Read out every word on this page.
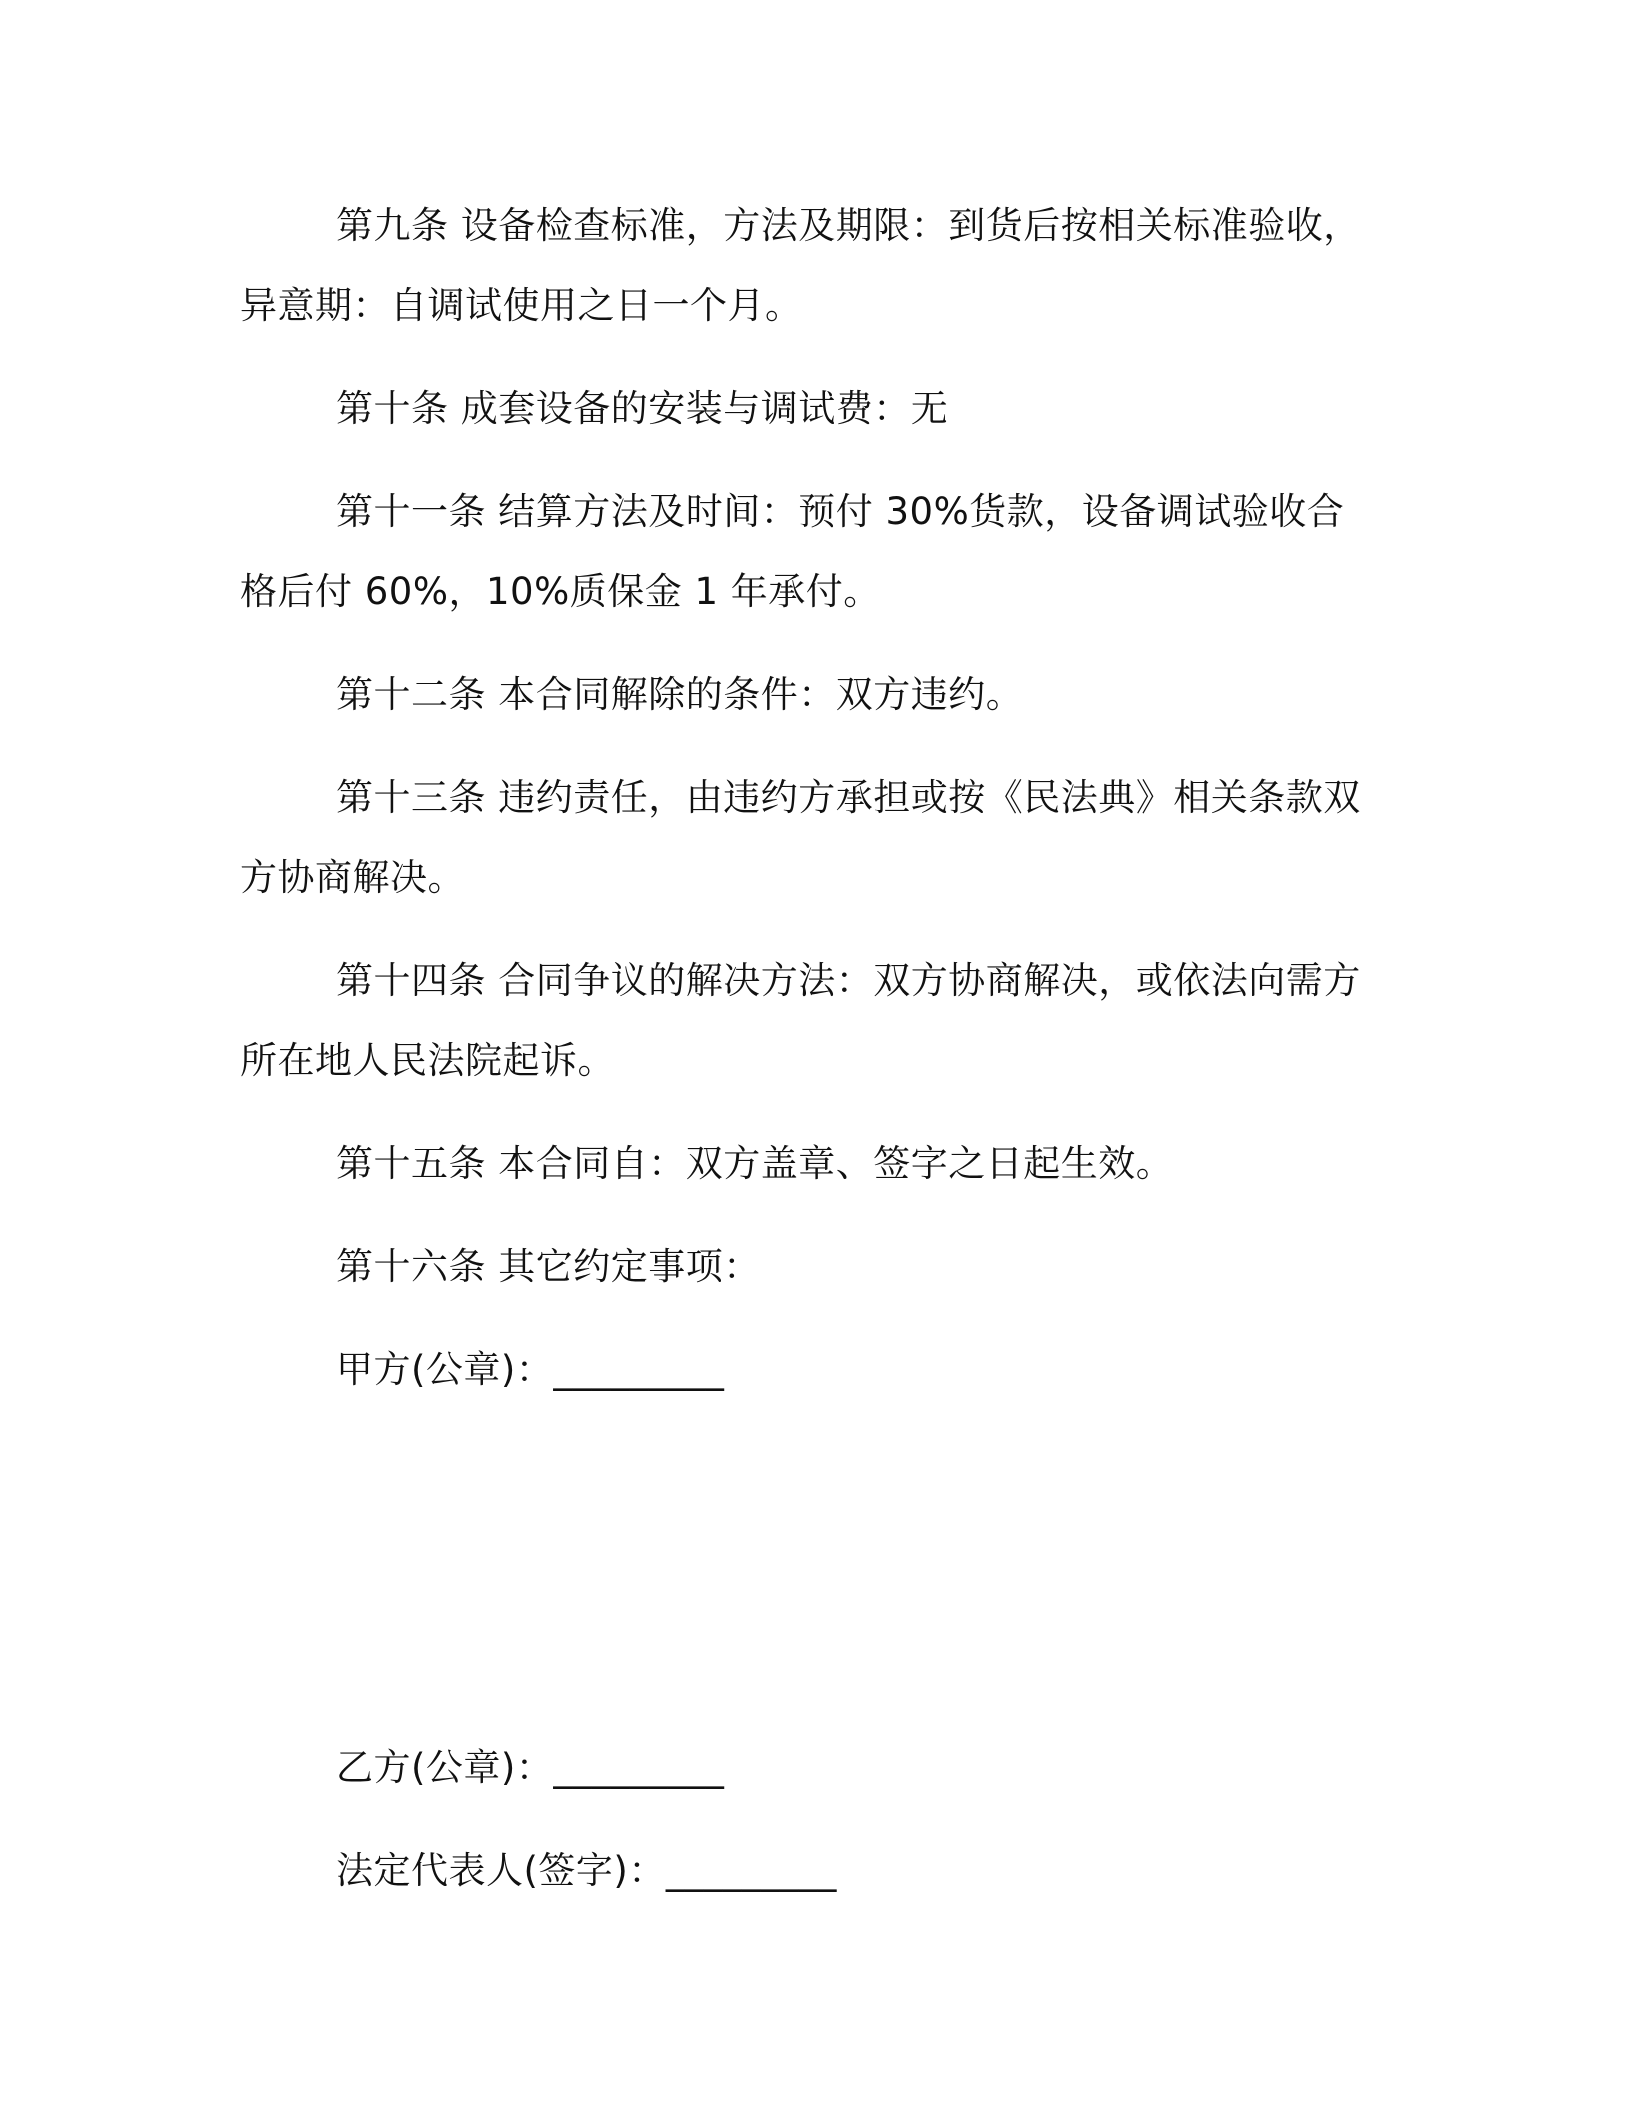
第九条 设备检查标准，方法及期限：到货后按相关标准验收，异意期：自调试使用之日一个月。

第十条 成套设备的安装与调试费：无

第十一条 结算方法及时间：预付 30%货款，设备调试验收合格后付 60%，10%质保金 1 年承付。

第十二条 本合同解除的条件：双方违约。

第十三条 违约责任，由违约方承担或按《民法典》相关条款双方协商解决。

第十四条 合同争议的解决方法：双方协商解决，或依法向需方所在地人民法院起诉。

第十五条 本合同自：双方盖章、签字之日起生效。

第十六条 其它约定事项：

甲方(公章)：_________

乙方(公章)：_________

法定代表人(签字)：_________
